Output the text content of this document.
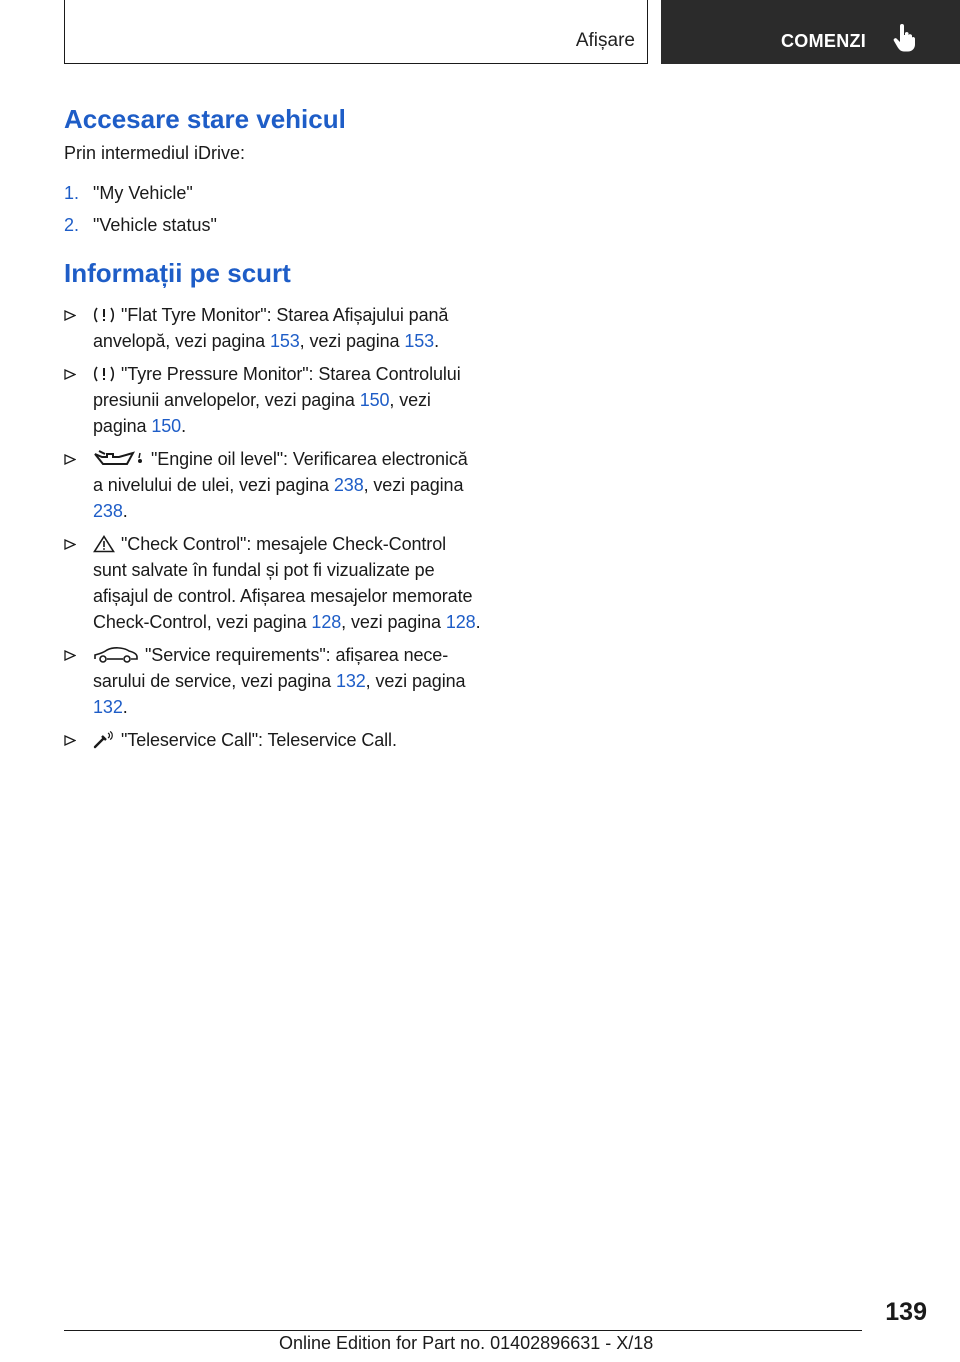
Afișare	COMENZI
Accesare stare vehicul
Prin intermediul iDrive:
1. "My Vehicle"
2. "Vehicle status"
Informații pe scurt
"Flat Tyre Monitor": Starea Afișajului pană anvelopă, vezi pagina 153, vezi pagina 153.
"Tyre Pressure Monitor": Starea Controlului presiunii anvelopelor, vezi pagina 150, vezi pagina 150.
"Engine oil level": Verificarea electronică a nivelului de ulei, vezi pagina 238, vezi pagina 238.
"Check Control": mesajele Check-Control sunt salvate în fundal și pot fi vizualizate pe afișajul de control. Afișarea mesajelor memorate Check-Control, vezi pagina 128, vezi pagina 128.
"Service requirements": afișarea necesarului de service, vezi pagina 132, vezi pagina 132.
"Teleservice Call": Teleservice Call.
139
Online Edition for Part no. 01402896631 - X/18
